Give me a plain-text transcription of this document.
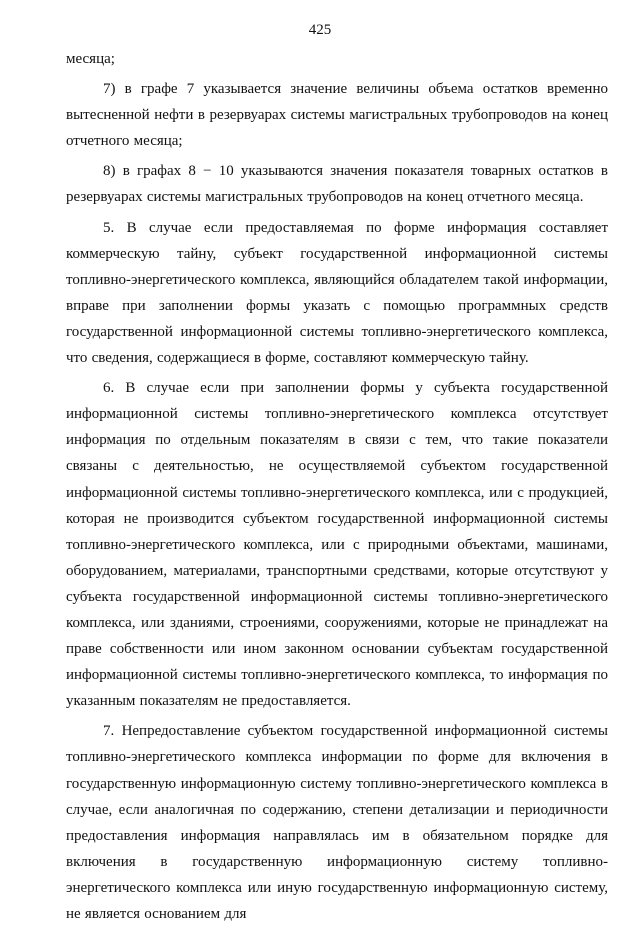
425

месяца;

7) в графе 7 указывается значение величины объема остатков временно вытесненной нефти в резервуарах системы магистральных трубопроводов на конец отчетного месяца;

8) в графах 8 − 10 указываются значения показателя товарных остатков в резервуарах системы магистральных трубопроводов на конец отчетного месяца.

5. В случае если предоставляемая по форме информация составляет коммерческую тайну, субъект государственной информационной системы топливно-энергетического комплекса, являющийся обладателем такой информации, вправе при заполнении формы указать с помощью программных средств государственной информационной системы топливно-энергетического комплекса, что сведения, содержащиеся в форме, составляют коммерческую тайну.

6. В случае если при заполнении формы у субъекта государственной информационной системы топливно-энергетического комплекса отсутствует информация по отдельным показателям в связи с тем, что такие показатели связаны с деятельностью, не осуществляемой субъектом государственной информационной системы топливно-энергетического комплекса, или с продукцией, которая не производится субъектом государственной информационной системы топливно-энергетического комплекса, или с природными объектами, машинами, оборудованием, материалами, транспортными средствами, которые отсутствуют у субъекта государственной информационной системы топливно-энергетического комплекса, или зданиями, строениями, сооружениями, которые не принадлежат на праве собственности или ином законном основании субъектам государственной информационной системы топливно-энергетического комплекса, то информация по указанным показателям не предоставляется.

7. Непредоставление субъектом государственной информационной системы топливно-энергетического комплекса информации по форме для включения в государственную информационную систему топливно-энергетического комплекса в случае, если аналогичная по содержанию, степени детализации и периодичности предоставления информация направлялась им в обязательном порядке для включения в государственную информационную систему топливно-энергетического комплекса или иную государственную информационную систему, не является основанием для
